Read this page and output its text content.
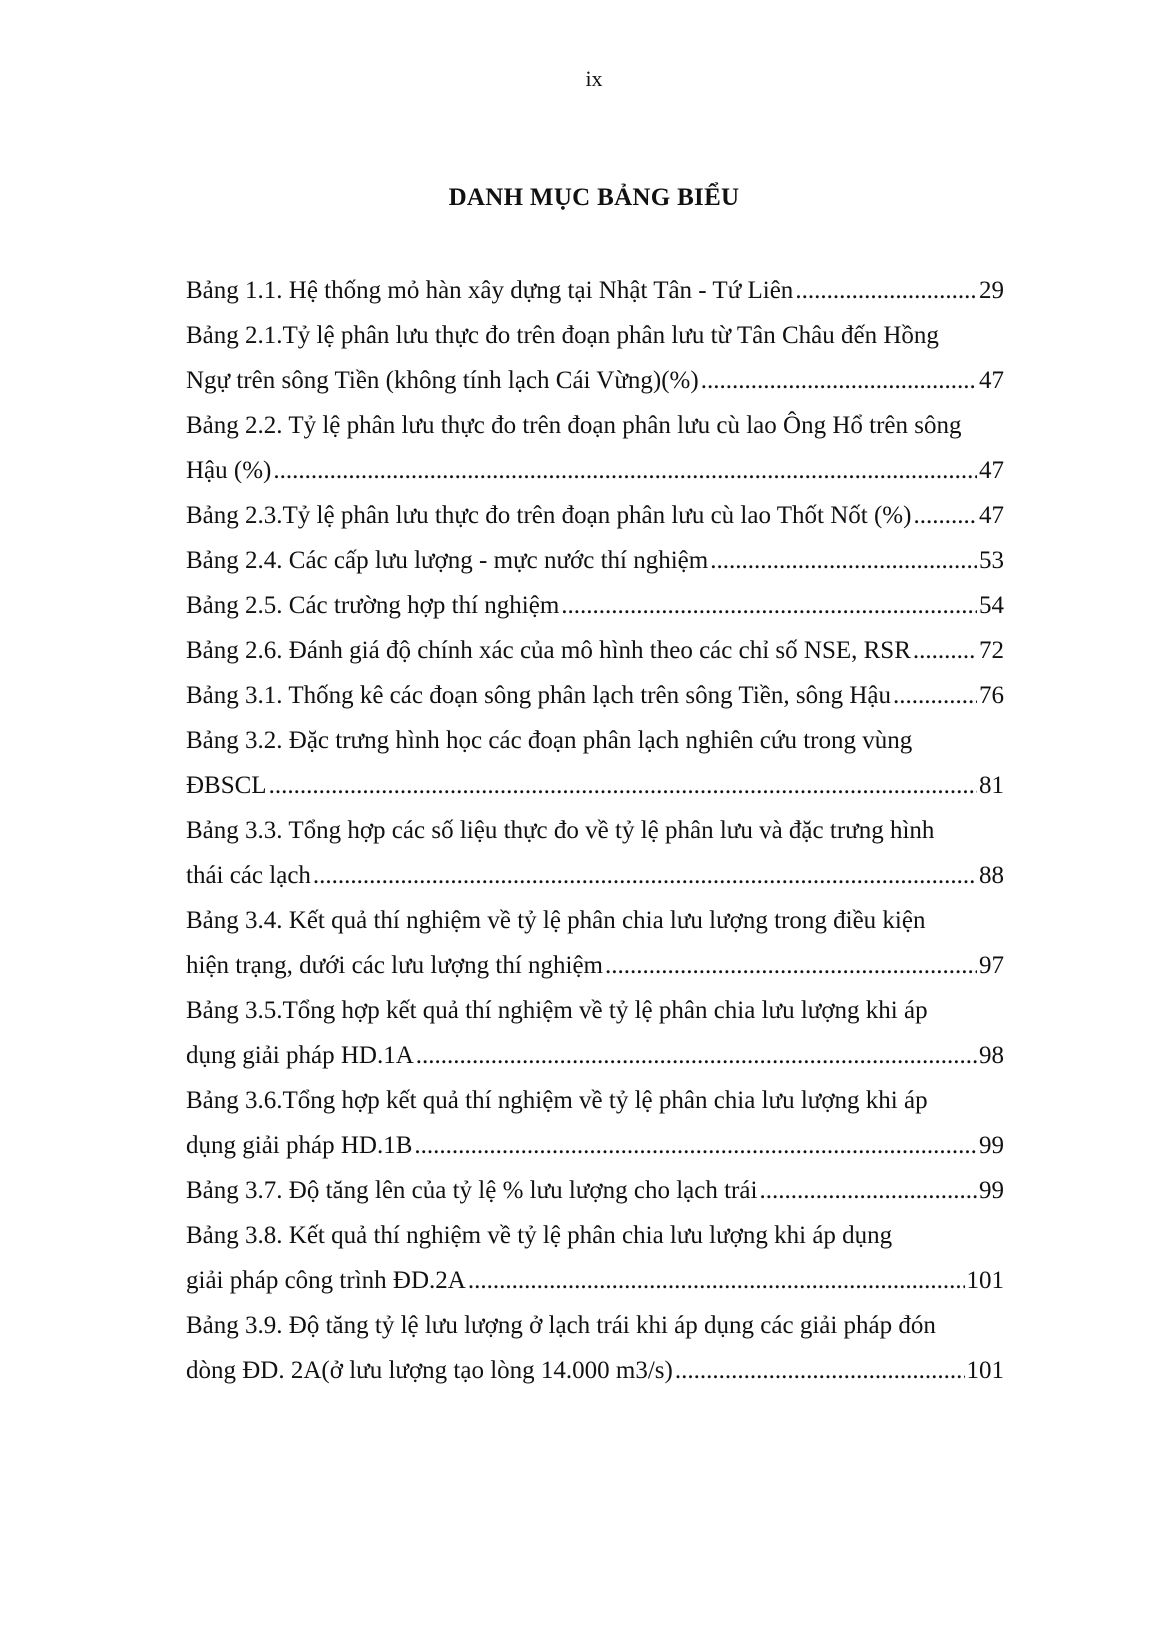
ix
DANH MỤC BẢNG BIỂU
Bảng 1.1. Hệ thống mỏ hàn xây dựng tại Nhật Tân - Tứ Liên .....	29
Bảng 2.1.Tỷ lệ phân lưu thực đo trên đoạn phân lưu từ Tân Châu đến Hồng
Ngự trên sông Tiền (không tính lạch Cái Vừng)(%) .....	47
Bảng 2.2. Tỷ lệ phân lưu thực đo trên đoạn phân lưu cù lao Ông Hổ trên sông
Hậu (%) .....	47
Bảng 2.3.Tỷ lệ phân lưu thực đo trên đoạn phân lưu cù lao Thốt Nốt (%) .....	47
Bảng 2.4. Các cấp lưu lượng - mực nước thí nghiệm .....	53
Bảng 2.5. Các trường hợp thí nghiệm .....	54
Bảng 2.6. Đánh giá độ chính xác của mô hình theo các chỉ số NSE, RSR .....	72
Bảng 3.1. Thống kê các đoạn sông phân lạch trên sông Tiền, sông Hậu .....	76
Bảng 3.2. Đặc trưng hình học các đoạn phân lạch nghiên cứu trong vùng
ĐBSCL .....	81
Bảng 3.3. Tổng hợp các số liệu thực đo về tỷ lệ phân lưu và đặc trưng hình
thái các lạch .....	88
Bảng 3.4. Kết quả thí nghiệm về tỷ lệ phân chia lưu lượng trong điều kiện
hiện trạng, dưới các lưu lượng thí nghiệm .....	97
Bảng 3.5.Tổng hợp kết quả thí nghiệm về tỷ lệ phân chia lưu lượng khi áp
dụng giải pháp HD.1A .....	98
Bảng 3.6.Tổng hợp kết quả thí nghiệm về tỷ lệ phân chia lưu lượng khi áp
dụng giải pháp HD.1B .....	99
Bảng 3.7. Độ tăng lên của tỷ lệ % lưu lượng cho lạch trái .....	99
Bảng 3.8. Kết quả thí nghiệm về tỷ lệ phân chia lưu lượng khi áp dụng
giải pháp công trình ĐD.2A .....	101
Bảng 3.9. Độ tăng tỷ lệ lưu lượng ở lạch trái khi áp dụng các giải pháp đón
dòng ĐD. 2A(ở lưu lượng tạo lòng 14.000 m3/s) .....	101
